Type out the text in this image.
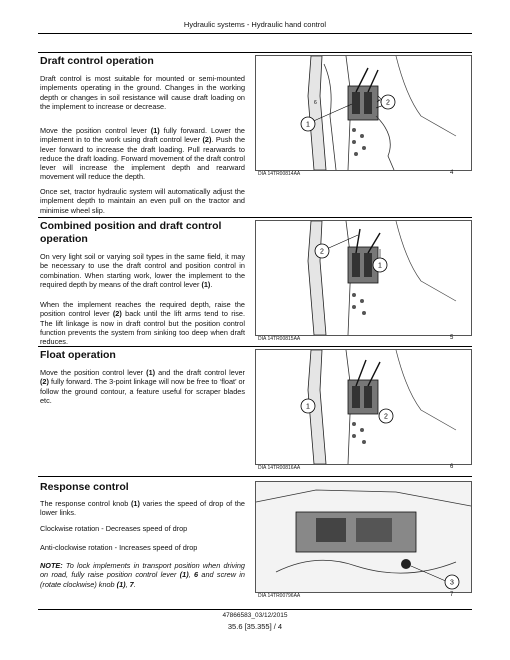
Hydraulic systems - Hydraulic hand control
Draft control operation
Draft control is most suitable for mounted or semi-mounted implements operating in the ground. Changes in the working depth or changes in soil resistance will cause draft loading on the implement to increase or decrease.
Move the position control lever (1) fully forward. Lower the implement in to the work using draft control lever (2). Push the lever forward to increase the draft loading. Pull rearwards to reduce the draft loading. Forward movement of the draft control lever will increase the implement depth and rearward movement will reduce the depth.
Once set, tractor hydraulic system will automatically adjust the implement depth to maintain an even pull on the tractor and minimise wheel slip.
6	2
1
Combined position and draft control operation
On very light soil or varying soil types in the same field, it may be necessary to use the draft control and position control in combination. When starting work, lower the implement to the required depth by means of the draft control lever (1).
When the implement reaches the required depth, raise the position control lever (2) back until the lift arms tend to rise. The lift linkage is now in draft control but the position control function prevents the system from sinking too deep when draft reduces.
2
1
Float operation
Move the position control lever (1) and the draft control lever (2) fully forward. The 3-point linkage will now be free to ‘float’ or follow the ground contour, a feature useful for scraper blades etc.
1
2
Response control
The response control knob (1) varies the speed of drop of the lower links.
Clockwise rotation - Decreases speed of drop
Anti-clockwise rotation - Increases speed of drop
NOTE: To lock implements in transport position when driving on road, fully raise position control lever (1), 6 and screw in (rotate clockwise) knob (1), 7.	3
47866583_03/12/2015
35.6 [35.355] / 4
DIA 14TR00814AA	4
DIA 14TR00815AA	5
DIA 14TR00816AA	6
DIA 14TR00796AA	7
